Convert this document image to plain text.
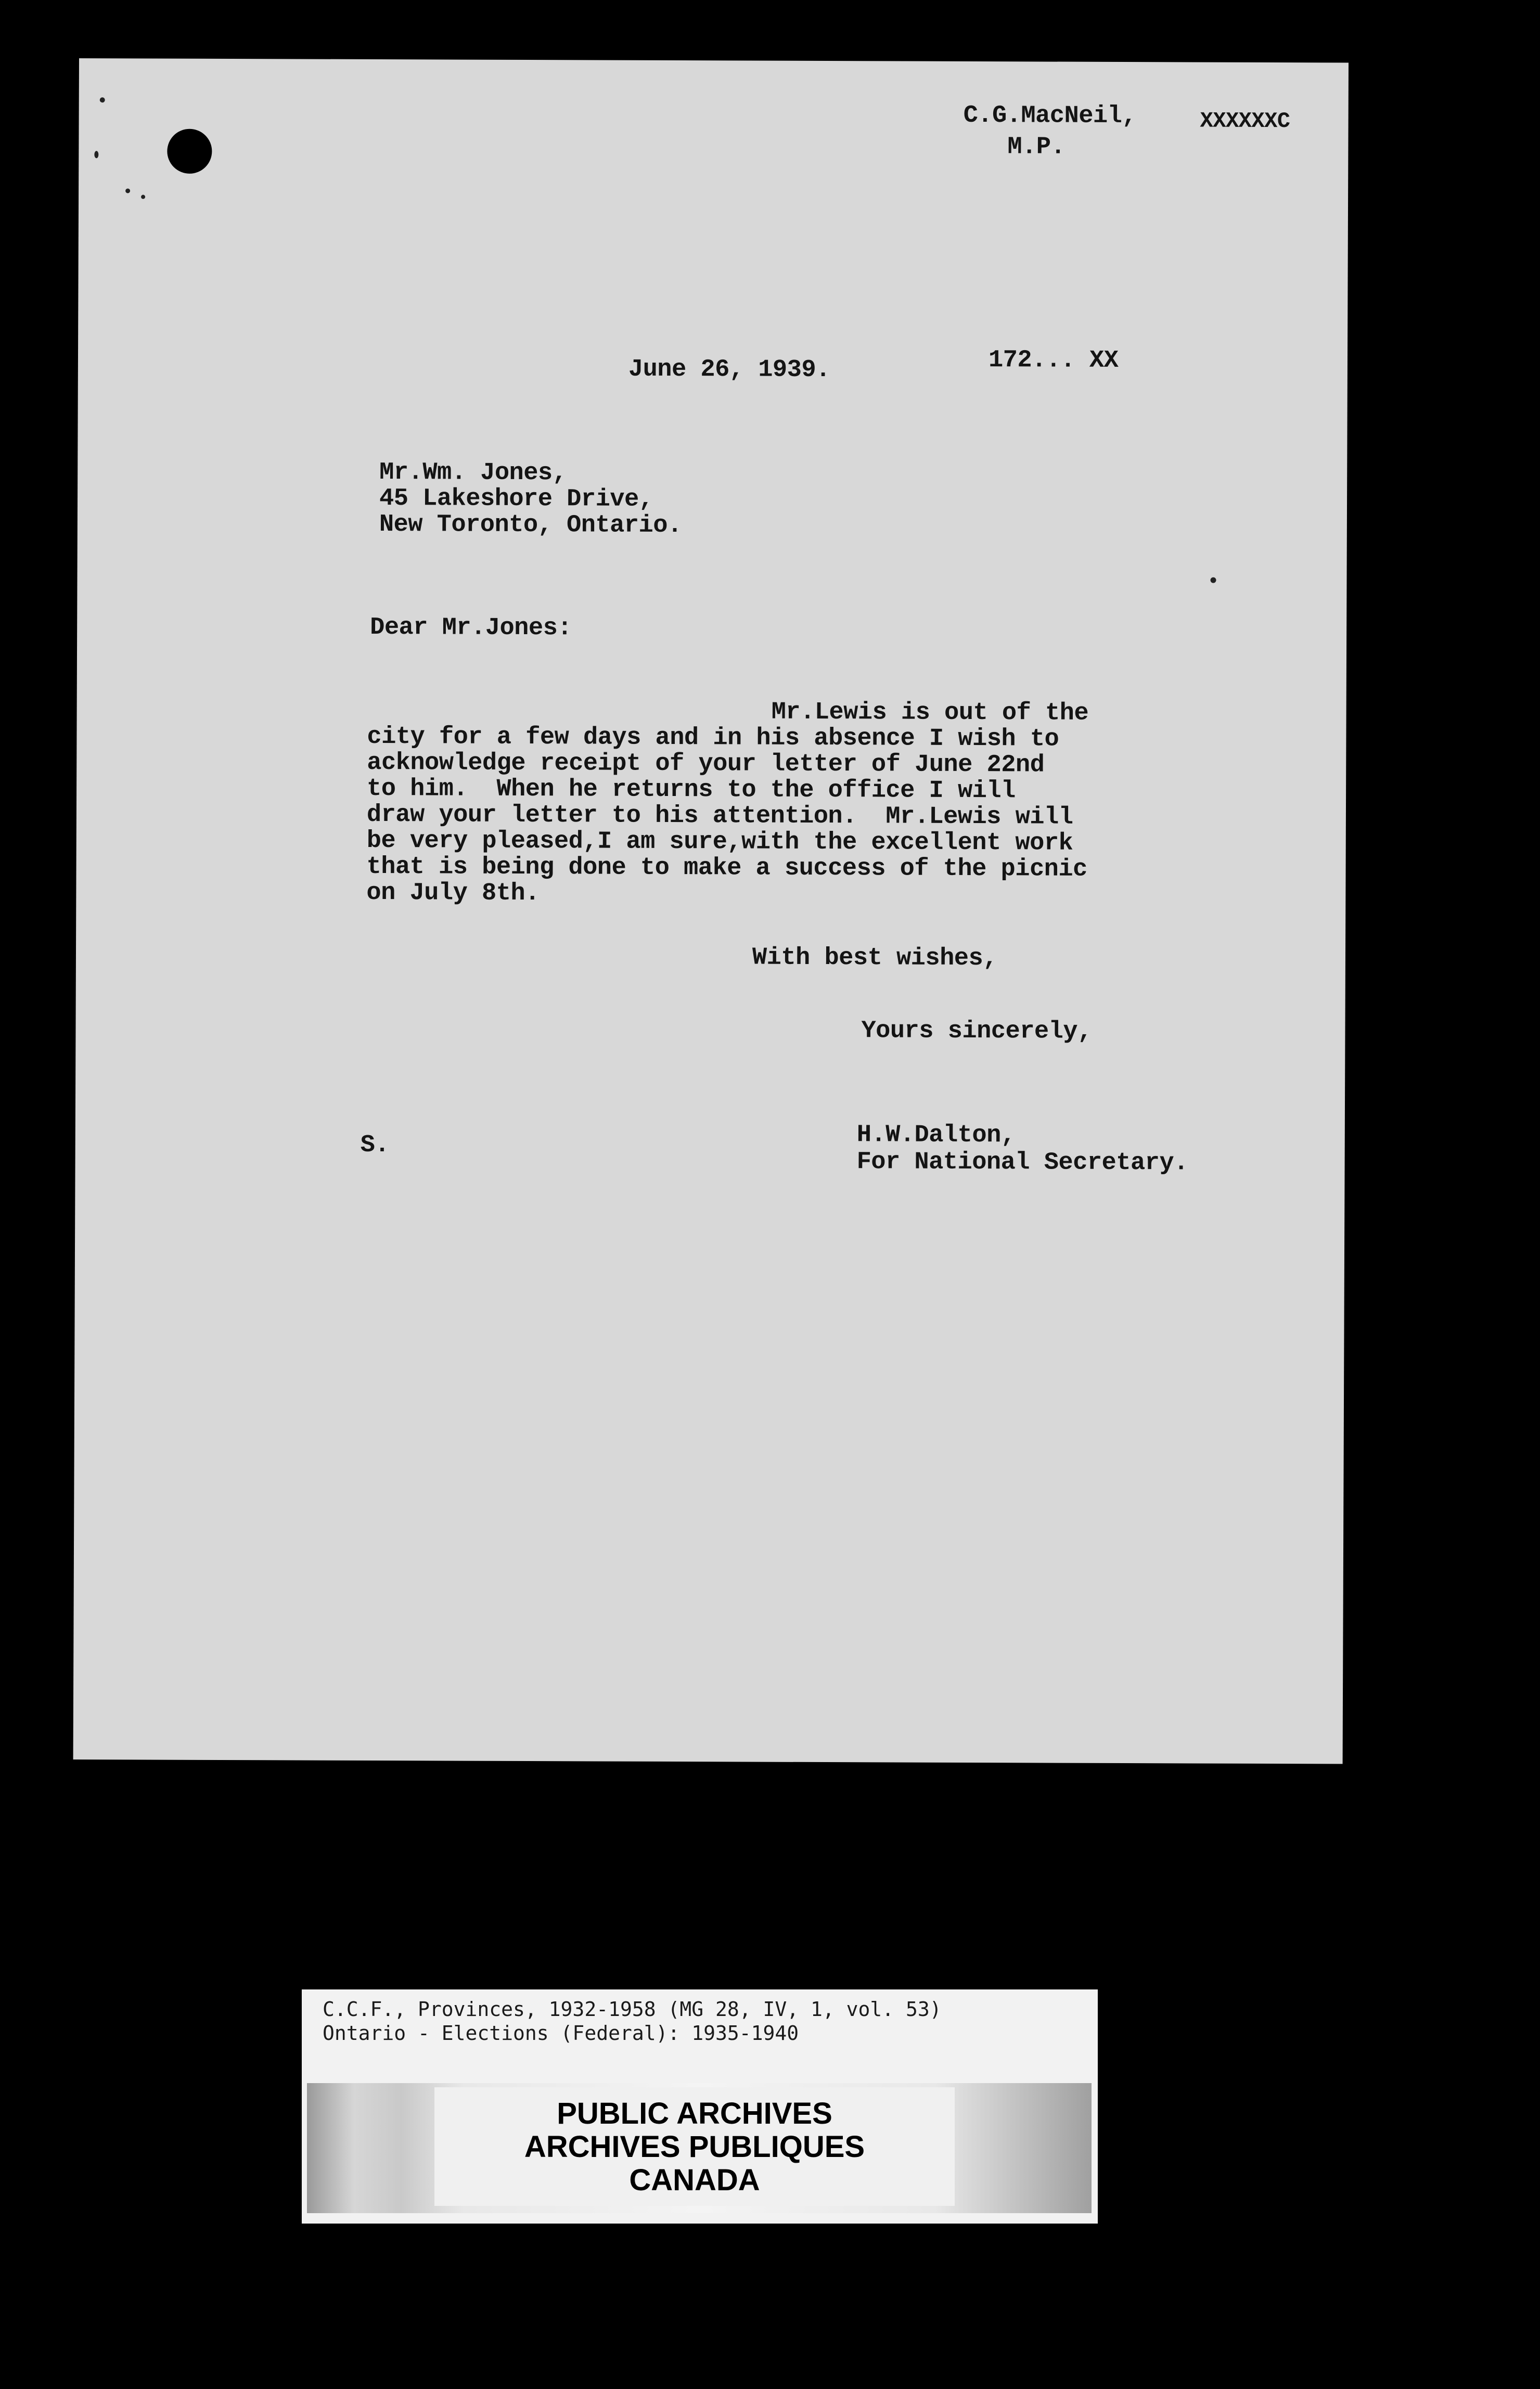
C.G.MacNeil,
M.P.
XXXXXXC
June 26, 1939.	172... XX
Mr.Wm. Jones,
45 Lakeshore Drive,
New Toronto, Ontario.
Dear Mr.Jones:
Mr.Lewis is out of the
city for a few days and in his absence I wish to
acknowledge receipt of your letter of June 22nd
to him.  When he returns to the office I will
draw your letter to his attention.  Mr.Lewis will
be very pleased,I am sure,with the excellent work
that is being done to make a success of the picnic
on July 8th.
With best wishes,
Yours sincerely,
S.	H.W.Dalton,
For National Secretary.
C.C.F., Provinces, 1932-1958 (MG 28, IV, 1, vol. 53)
Ontario - Elections (Federal): 1935-1940
PUBLIC ARCHIVES
ARCHIVES PUBLIQUES
CANADA
